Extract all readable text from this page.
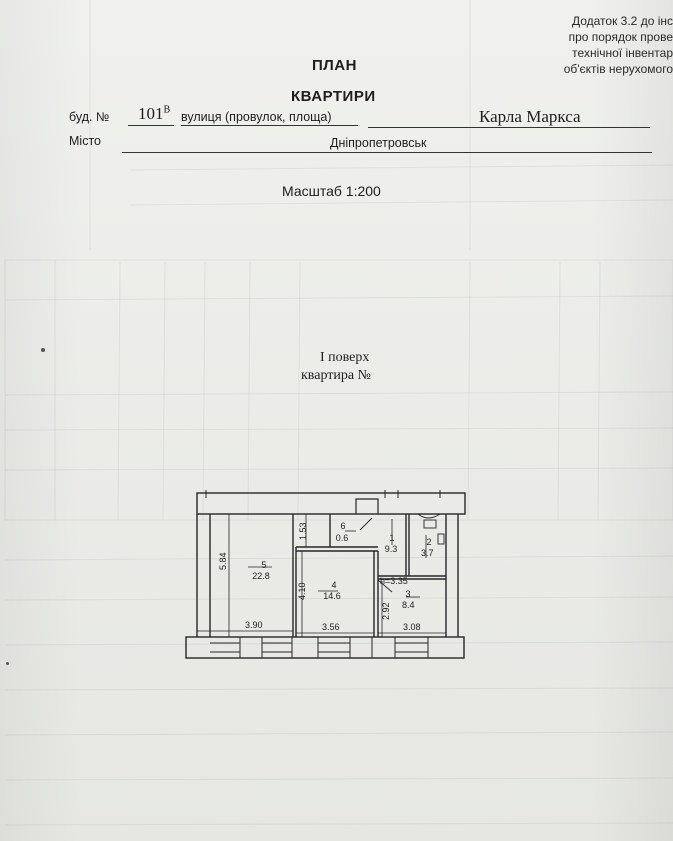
Додаток 3.2 до інс
про порядок прове
технічної інвентар
об'єктів нерухомого
ПЛАН
КВАРТИРИ
буд. № $101^В$
вулиця (провулок, площа)	Карла Маркса
Місто	Дніпропетровськ
Масштаб 1:200
І поверх
квартира №
5
22.8
4
14.6
6
0.6	1
9.3
2
3.7
3
8.4
5.84
1.53
4.10
2.92
h=3.35
3.90	3.56	3.08
